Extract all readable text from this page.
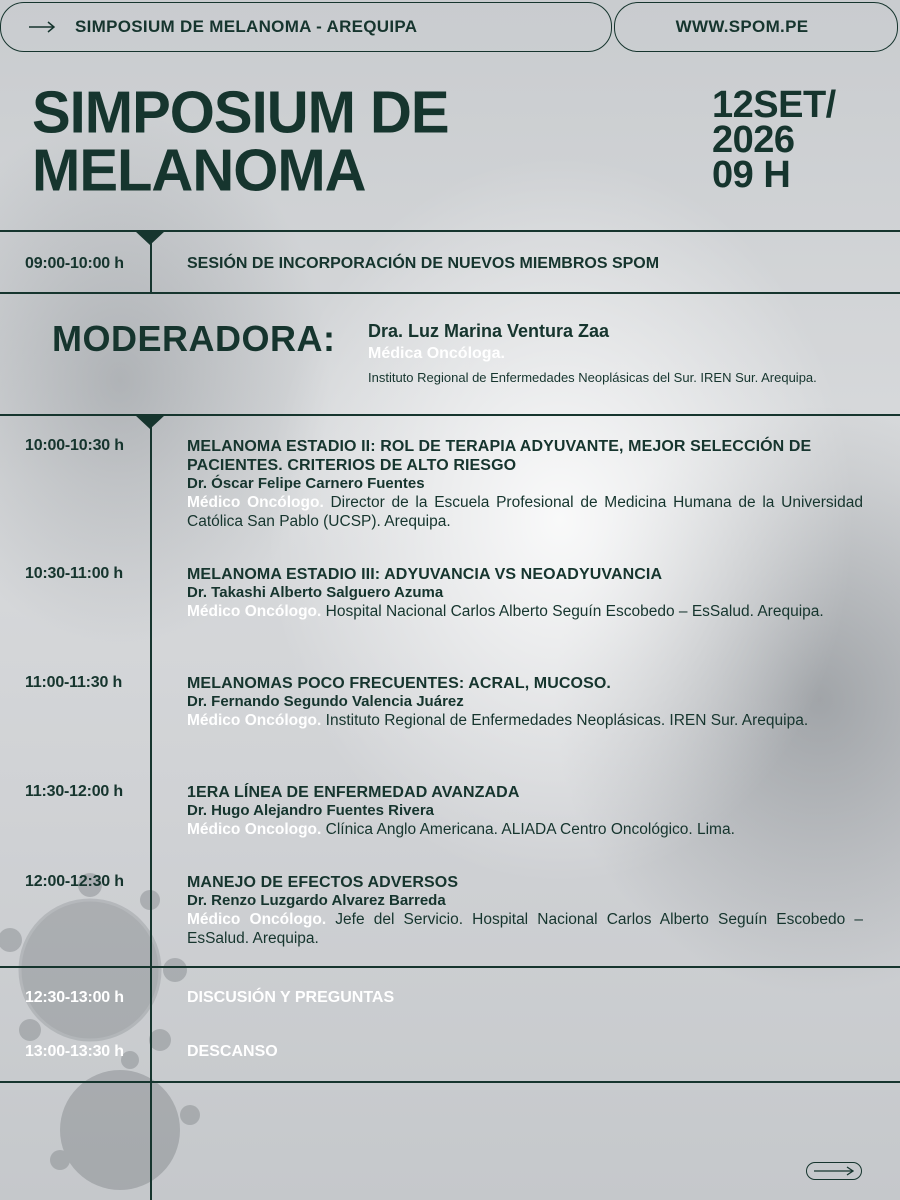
SIMPOSIUM DE MELANOMA - AREQUIPA	WWW.SPOM.PE
SIMPOSIUM DE
MELANOMA
12SET/
2026
09 H
09:00-10:00 h	SESIÓN DE INCORPORACIÓN DE NUEVOS MIEMBROS SPOM
MODERADORA: Dra. Luz Marina Ventura Zaa
Médica Oncóloga.
Instituto Regional de Enfermedades Neoplásicas del Sur. IREN Sur. Arequipa.
10:00-10:30 h	MELANOMA ESTADIO II: ROL DE TERAPIA ADYUVANTE, MEJOR SELECCIÓN DE PACIENTES. CRITERIOS DE ALTO RIESGO
Dr. Óscar Felipe Carnero Fuentes
Médico Oncólogo. Director de la Escuela Profesional de Medicina Humana de la Universidad Católica San Pablo (UCSP). Arequipa.
10:30-11:00 h	MELANOMA ESTADIO III: ADYUVANCIA VS NEOADYUVANCIA
Dr. Takashi Alberto Salguero Azuma
Médico Oncólogo. Hospital Nacional Carlos Alberto Seguín Escobedo – EsSalud. Arequipa.
11:00-11:30 h	MELANOMAS POCO FRECUENTES: ACRAL, MUCOSO.
Dr. Fernando Segundo Valencia Juárez
Médico Oncólogo. Instituto Regional de Enfermedades Neoplásicas. IREN Sur. Arequipa.
11:30-12:00 h	1ERA LÍNEA DE ENFERMEDAD AVANZADA
Dr. Hugo Alejandro Fuentes Rivera
Médico Oncologo. Clínica Anglo Americana. ALIADA Centro Oncológico. Lima.
12:00-12:30 h	MANEJO DE EFECTOS ADVERSOS
Dr. Renzo Luzgardo Alvarez Barreda
Médico Oncólogo. Jefe del Servicio. Hospital Nacional Carlos Alberto Seguín Escobedo – EsSalud. Arequipa.
12:30-13:00 h	DISCUSIÓN Y PREGUNTAS
13:00-13:30 h	DESCANSO
